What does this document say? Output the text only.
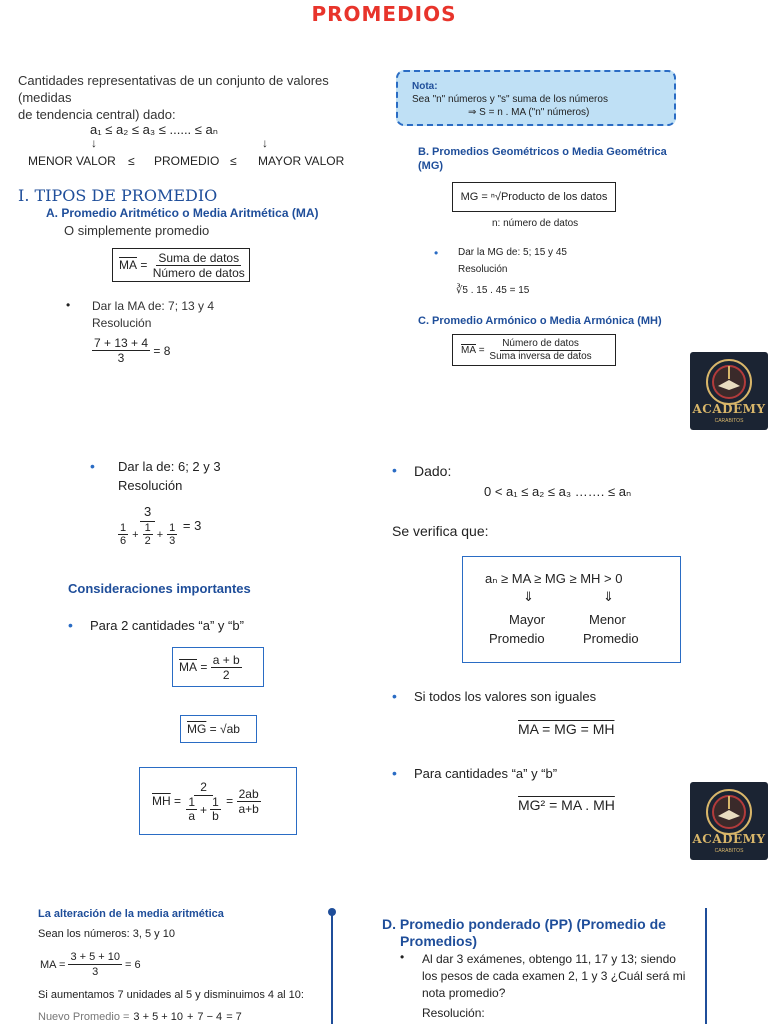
PROMEDIOS
Cantidades representativas de un conjunto de valores (medidas
de tendencia central) dado:
a₁ ≤ a₂ ≤ a₃ ≤ ...... ≤ aₙ
↓	↓
MENOR VALOR ≤ PROMEDIO ≤ MAYOR VALOR
I. TIPOS DE PROMEDIO
A. Promedio Aritmético o Media Aritmética (MA)
O simplemente promedio
$\overline{MA} = \frac{\text{Suma de datos}}{\text{Número de datos}}$
• Dar la MA de: 7; 13 y 4
Resolución
$\frac{7 + 13 + 4}{3}$
= 8
Nota:
Sea "n" números y "s" suma de los números
⇒ S = n . MA ("n" números)
B. Promedios Geométricos o Media Geométrica
(MG)
MG = ⁿ√Producto de los datos
n: número de datos
• Dar la MG de: 5; 15 y 45
Resolución
∛5 . 15 . 45 = 15
C. Promedio Armónico o Media Armónica (MH)
$\overline{MA} = \frac{\text{Número de datos}}{\text{Suma inversa de datos}}$
ACADEMY
CARABITOS
ACADEMY
CARABITOS
• Dar la de: 6; 2 y 3
Resolución
$\frac{3}{\frac{1}{6} + \frac{1}{2} + \frac{1}{3}}$
= 3
Consideraciones importantes
• Para 2 cantidades “a” y “b”
$\overline{MA} = \frac{a + b}{2}$
$\overline{MG} = √ab$
$\overline{MH} = \frac{2}{\frac{1}{a} + \frac{1}{b}} = \frac{2ab}{a+b}$
• Dado:
0 < a₁ ≤ a₂ ≤ a₃ ……. ≤ aₙ
Se verifica que:
aₙ ≥ MA ≥ MG ≥ MH > 0
⇓	⇓
Mayor	Menor
Promedio	Promedio
• Si todos los valores son iguales
MA = MG = MH
• Para cantidades “a” y “b”
MG² = MA . MH
La alteración de la media aritmética
Sean los números: 3, 5 y 10
MA =
$\frac{3 + 5 + 10}{3}$
= 6
Si aumentamos 7 unidades al 5 y disminuimos 4 al 10:
Nuevo Promedio = 3 + 5 + 10 + 7 − 4 = 7
D. Promedio ponderado (PP) (Promedio de
Promedios)
• Al dar 3 exámenes, obtengo 11, 17 y 13; siendo
los pesos de cada examen 2, 1 y 3 ¿Cuál será mi
nota promedio?
Resolución:
